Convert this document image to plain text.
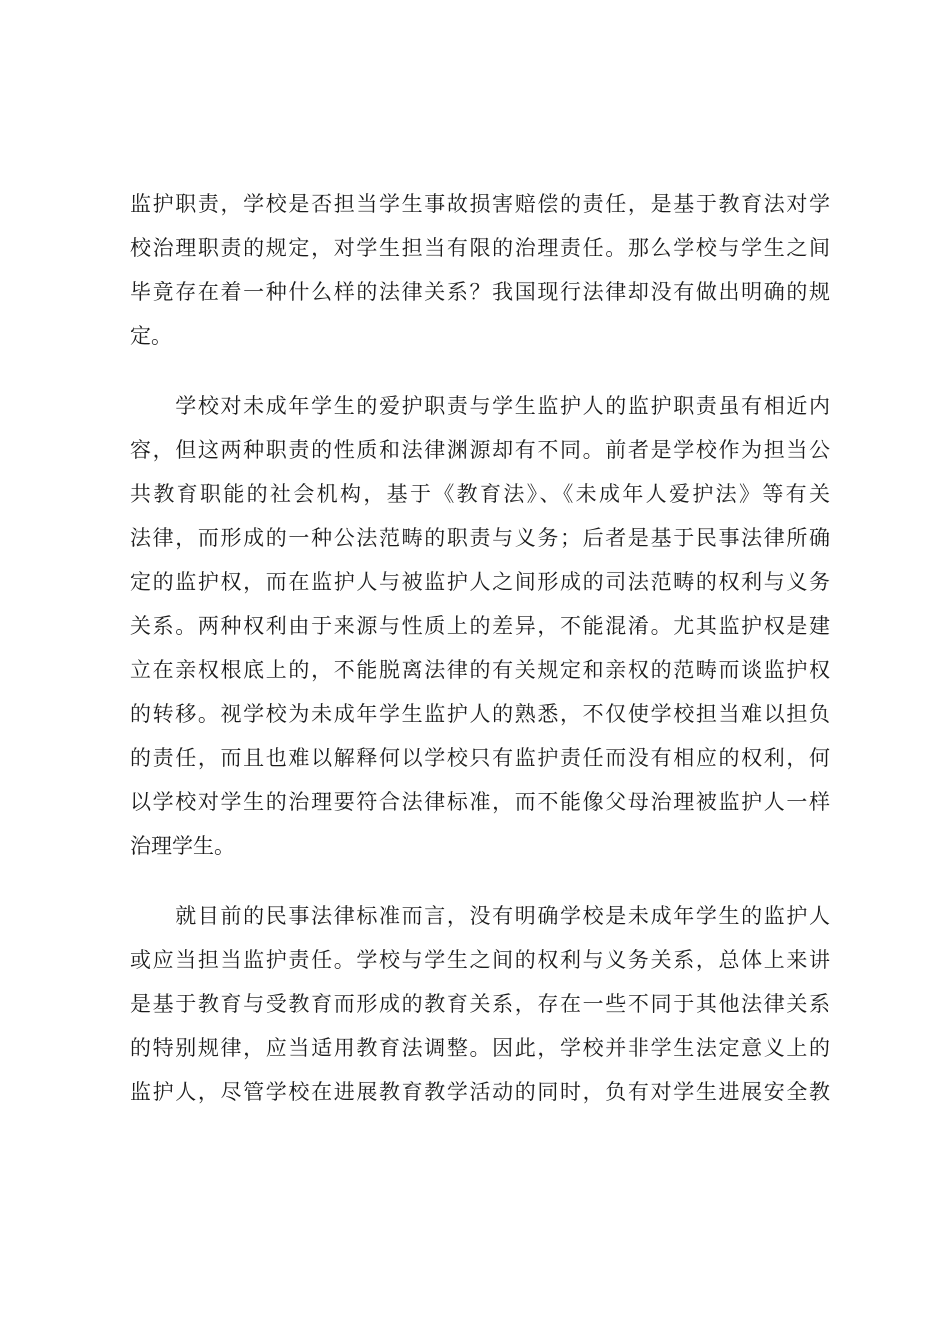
监护职责，学校是否担当学生事故损害赔偿的责任，是基于教育法对学
校治理职责的规定，对学生担当有限的治理责任。那么学校与学生之间
毕竟存在着一种什么样的法律关系？我国现行法律却没有做出明确的规
定。

　　学校对未成年学生的爱护职责与学生监护人的监护职责虽有相近内
容，但这两种职责的性质和法律渊源却有不同。前者是学校作为担当公
共教育职能的社会机构，基于《教育法》、《未成年人爱护法》等有关
法律，而形成的一种公法范畴的职责与义务；后者是基于民事法律所确
定的监护权，而在监护人与被监护人之间形成的司法范畴的权利与义务
关系。两种权利由于来源与性质上的差异，不能混淆。尤其监护权是建
立在亲权根底上的，不能脱离法律的有关规定和亲权的范畴而谈监护权
的转移。视学校为未成年学生监护人的熟悉，不仅使学校担当难以担负
的责任，而且也难以解释何以学校只有监护责任而没有相应的权利，何
以学校对学生的治理要符合法律标准，而不能像父母治理被监护人一样
治理学生。

　　就目前的民事法律标准而言，没有明确学校是未成年学生的监护人
或应当担当监护责任。学校与学生之间的权利与义务关系，总体上来讲
是基于教育与受教育而形成的教育关系，存在一些不同于其他法律关系
的特别规律，应当适用教育法调整。因此，学校并非学生法定意义上的
监护人，尽管学校在进展教育教学活动的同时，负有对学生进展安全教
